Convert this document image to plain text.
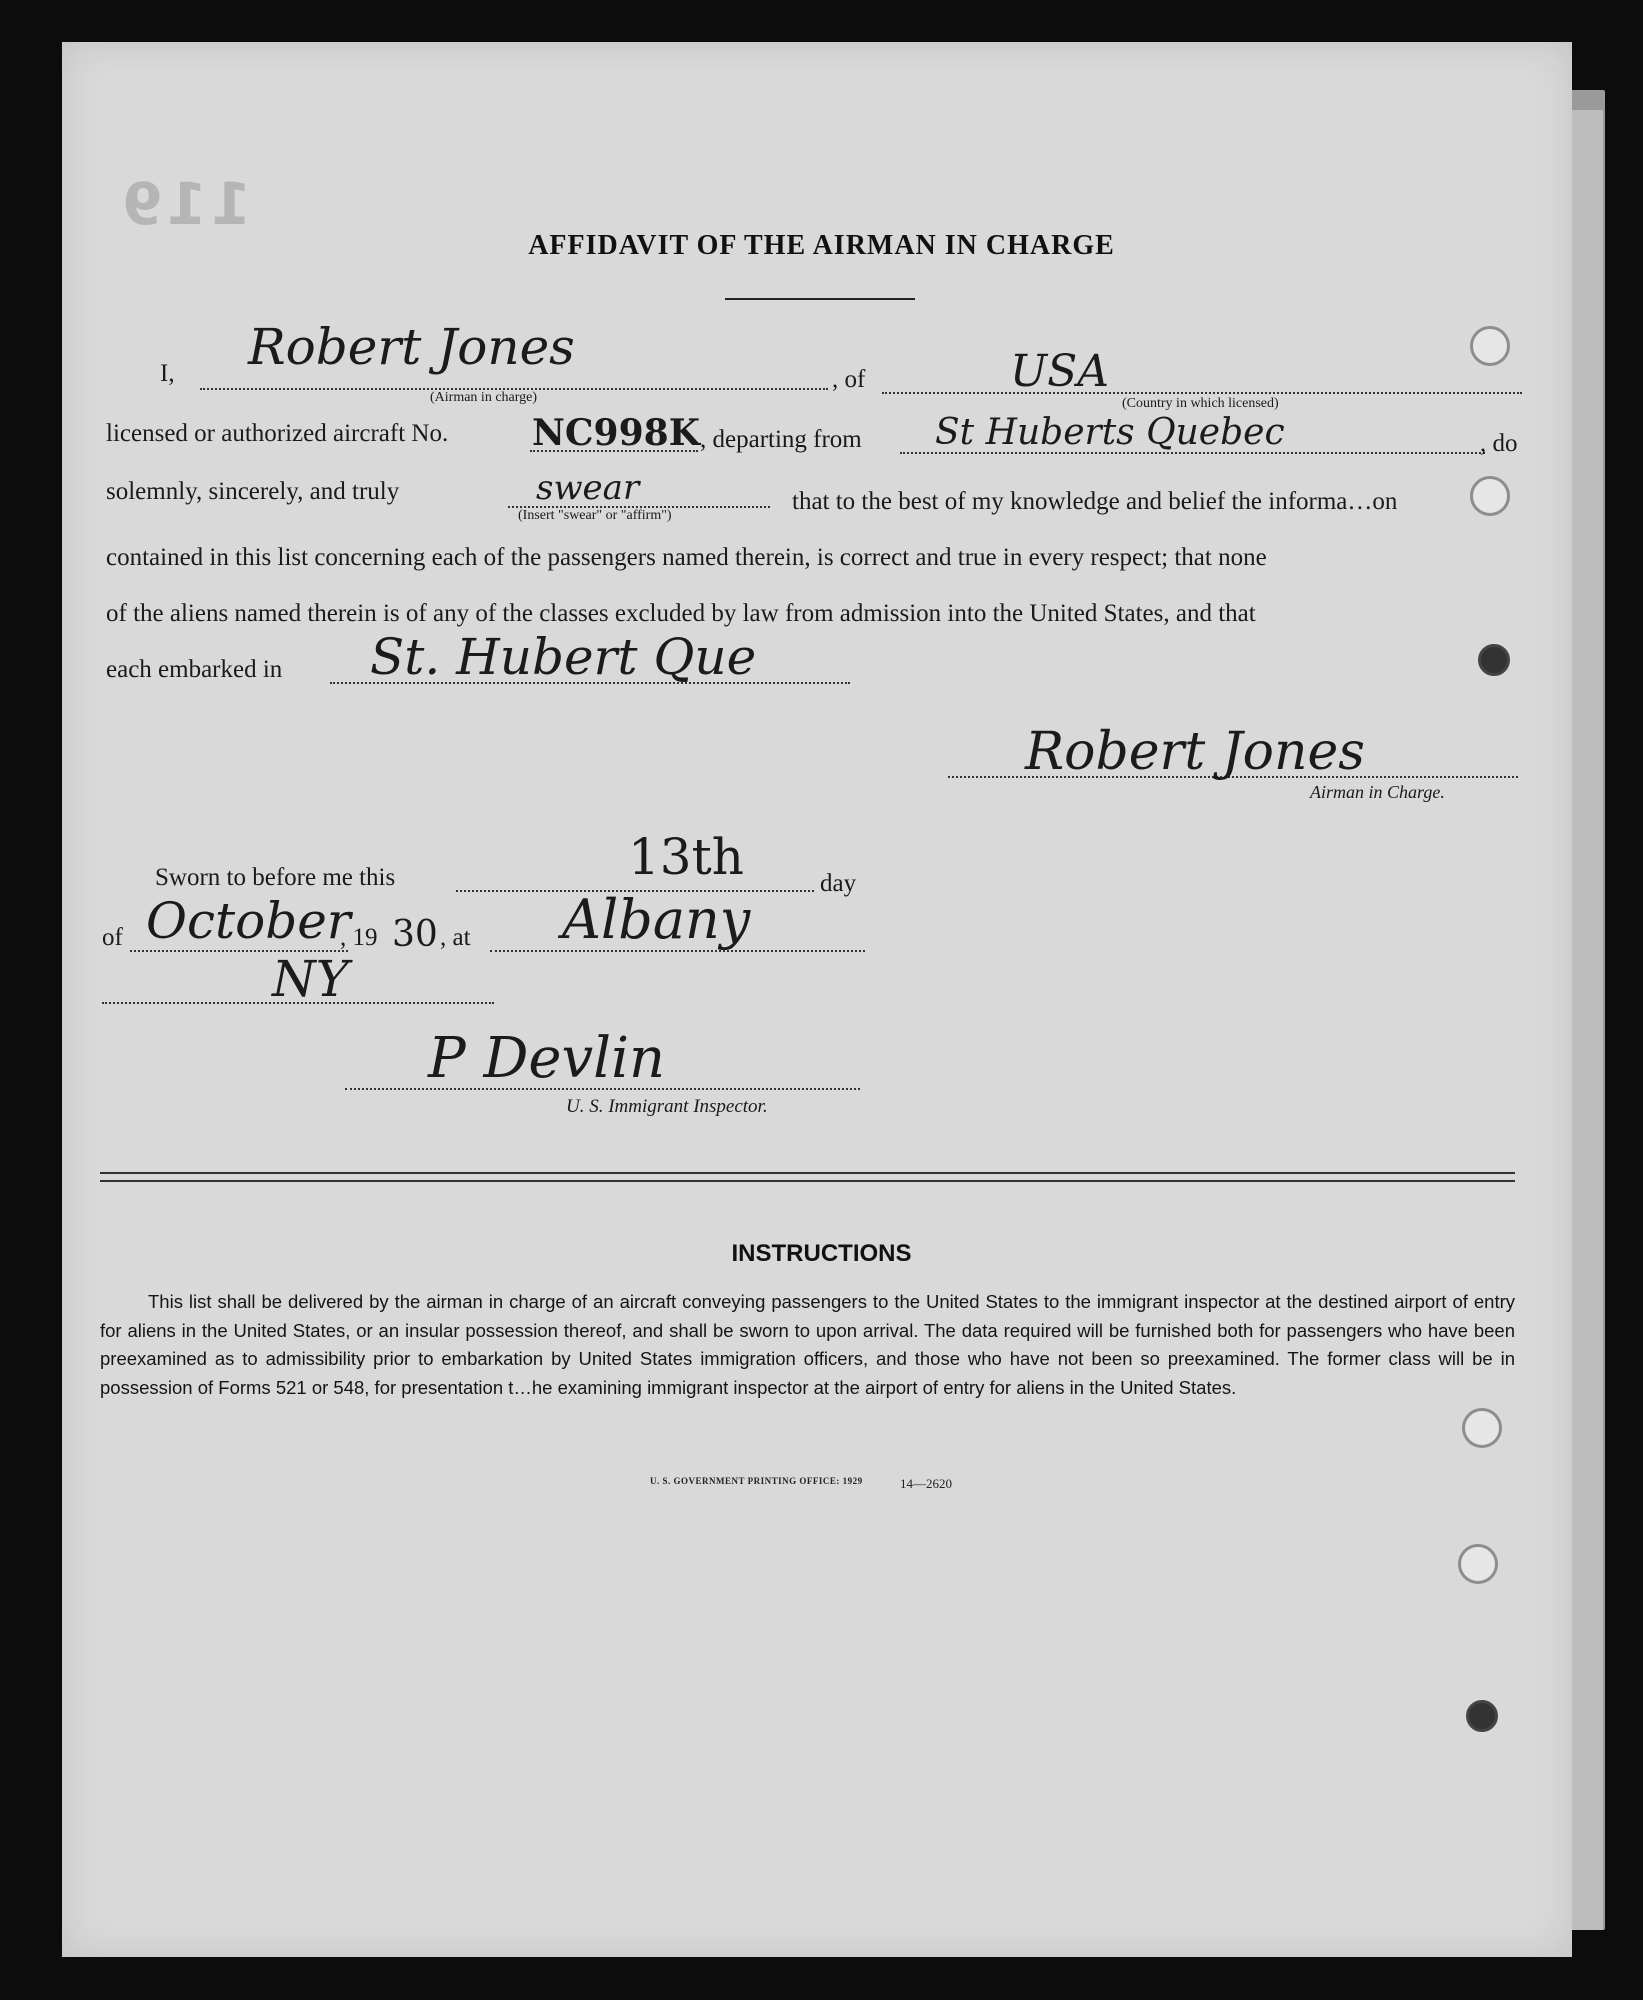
119
AFFIDAVIT OF THE AIRMAN IN CHARGE
I, Robert Jones
(Airman in charge)
, of	USA
(Country in which licensed)
licensed or authorized aircraft No. NC998K , departing from St Huberts Quebec	, do
solemnly, sincerely, and truly	swear
(Insert "swear" or "affirm")
that to the best of my knowledge and belief the informa…on
contained in this list concerning each of the passengers named therein, is correct and true in every respect; that none
of the aliens named therein is of any of the classes excluded by law from admission into the United States, and that
each embarked in St. Hubert Que
Robert Jones
Airman in Charge.
Sworn to before me this	13th	day
of October
, 19 30 , at Albany
NY
P Devlin
U. S. Immigrant Inspector.
INSTRUCTIONS

This list shall be delivered by the airman in charge of an aircraft conveying passengers to the United States to the immigrant inspector at the destined airport of entry for aliens in the United States, or an insular possession thereof, and shall be sworn to upon arrival. The data required will be furnished both for passengers who have been preexamined as to admissibility prior to embarkation by United States immigration officers, and those who have not been so preexamined. The former class will be in possession of Forms 521 or 548, for presentation t…he examining immigrant inspector at the airport of entry for aliens in the United States.

U. S. GOVERNMENT PRINTING OFFICE: 1929	14—2620
